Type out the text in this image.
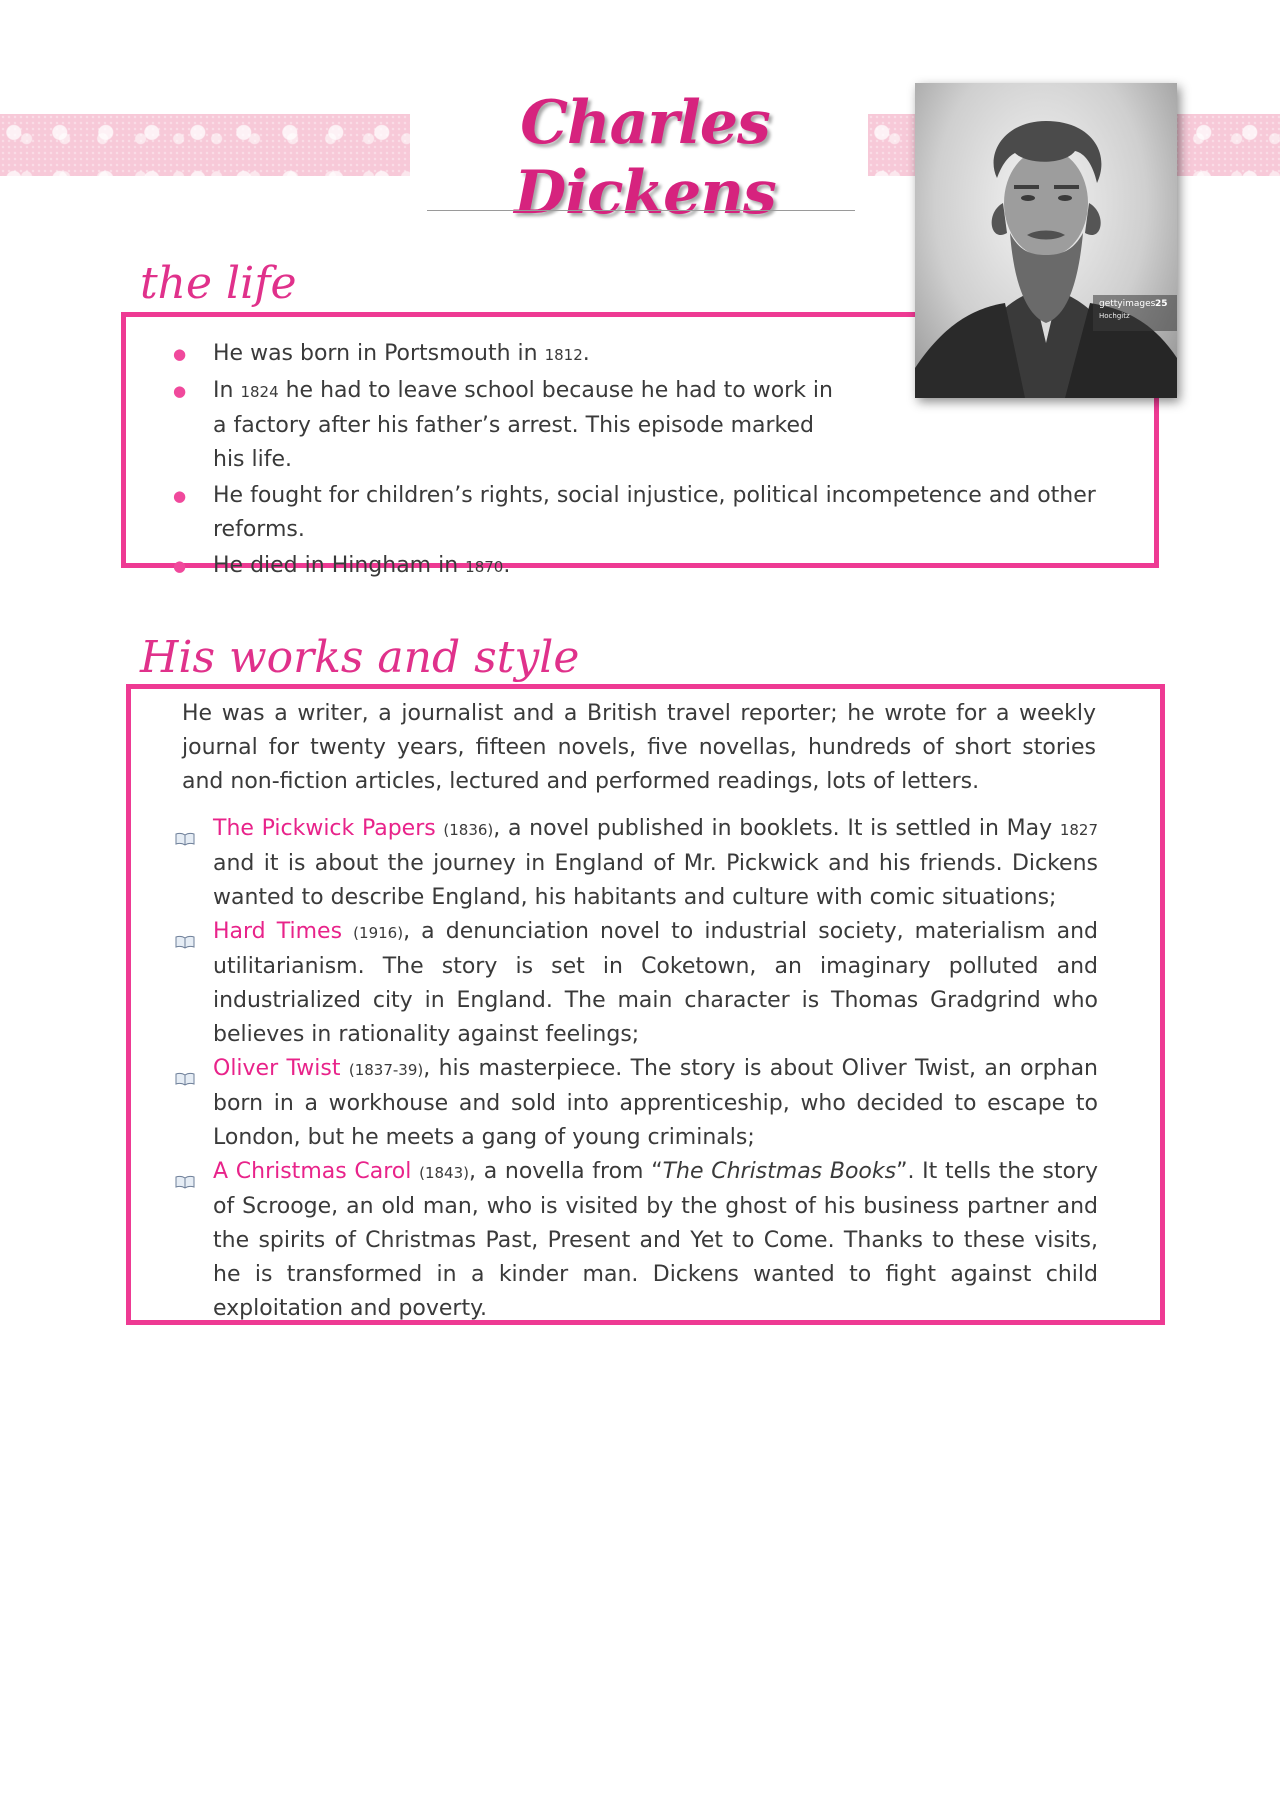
Charles Dickens
gettyimages 25
Hochgitz
the life
● He was born in Portsmouth in 1812.
● In 1824 he had to leave school because he had to work in a factory after his father’s arrest. This episode marked his life.
● He fought for children’s rights, social injustice, political incompetence and other reforms.
● He died in Hingham in 1870.
His works and style

He was a writer, a journalist and a British travel reporter; he wrote for a weekly journal for twenty years, fifteen novels, five novellas, hundreds of short stories and non-fiction articles, lectured and performed readings, lots of letters.

The Pickwick Papers (1836), a novel published in booklets. It is settled in May 1827 and it is about the journey in England of Mr. Pickwick and his friends. Dickens wanted to describe England, his habitants and culture with comic situations;
Hard Times (1916), a denunciation novel to industrial society, materialism and utilitarianism. The story is set in Coketown, an imaginary polluted and industrialized city in England. The main character is Thomas Gradgrind who believes in rationality against feelings;
Oliver Twist (1837-39), his masterpiece. The story is about Oliver Twist, an orphan born in a workhouse and sold into apprenticeship, who decided to escape to London, but he meets a gang of young criminals;
A Christmas Carol (1843), a novella from “The Christmas Books”. It tells the story of Scrooge, an old man, who is visited by the ghost of his business partner and the spirits of Christmas Past, Present and Yet to Come. Thanks to these visits, he is transformed in a kinder man. Dickens wanted to fight against child exploitation and poverty.
